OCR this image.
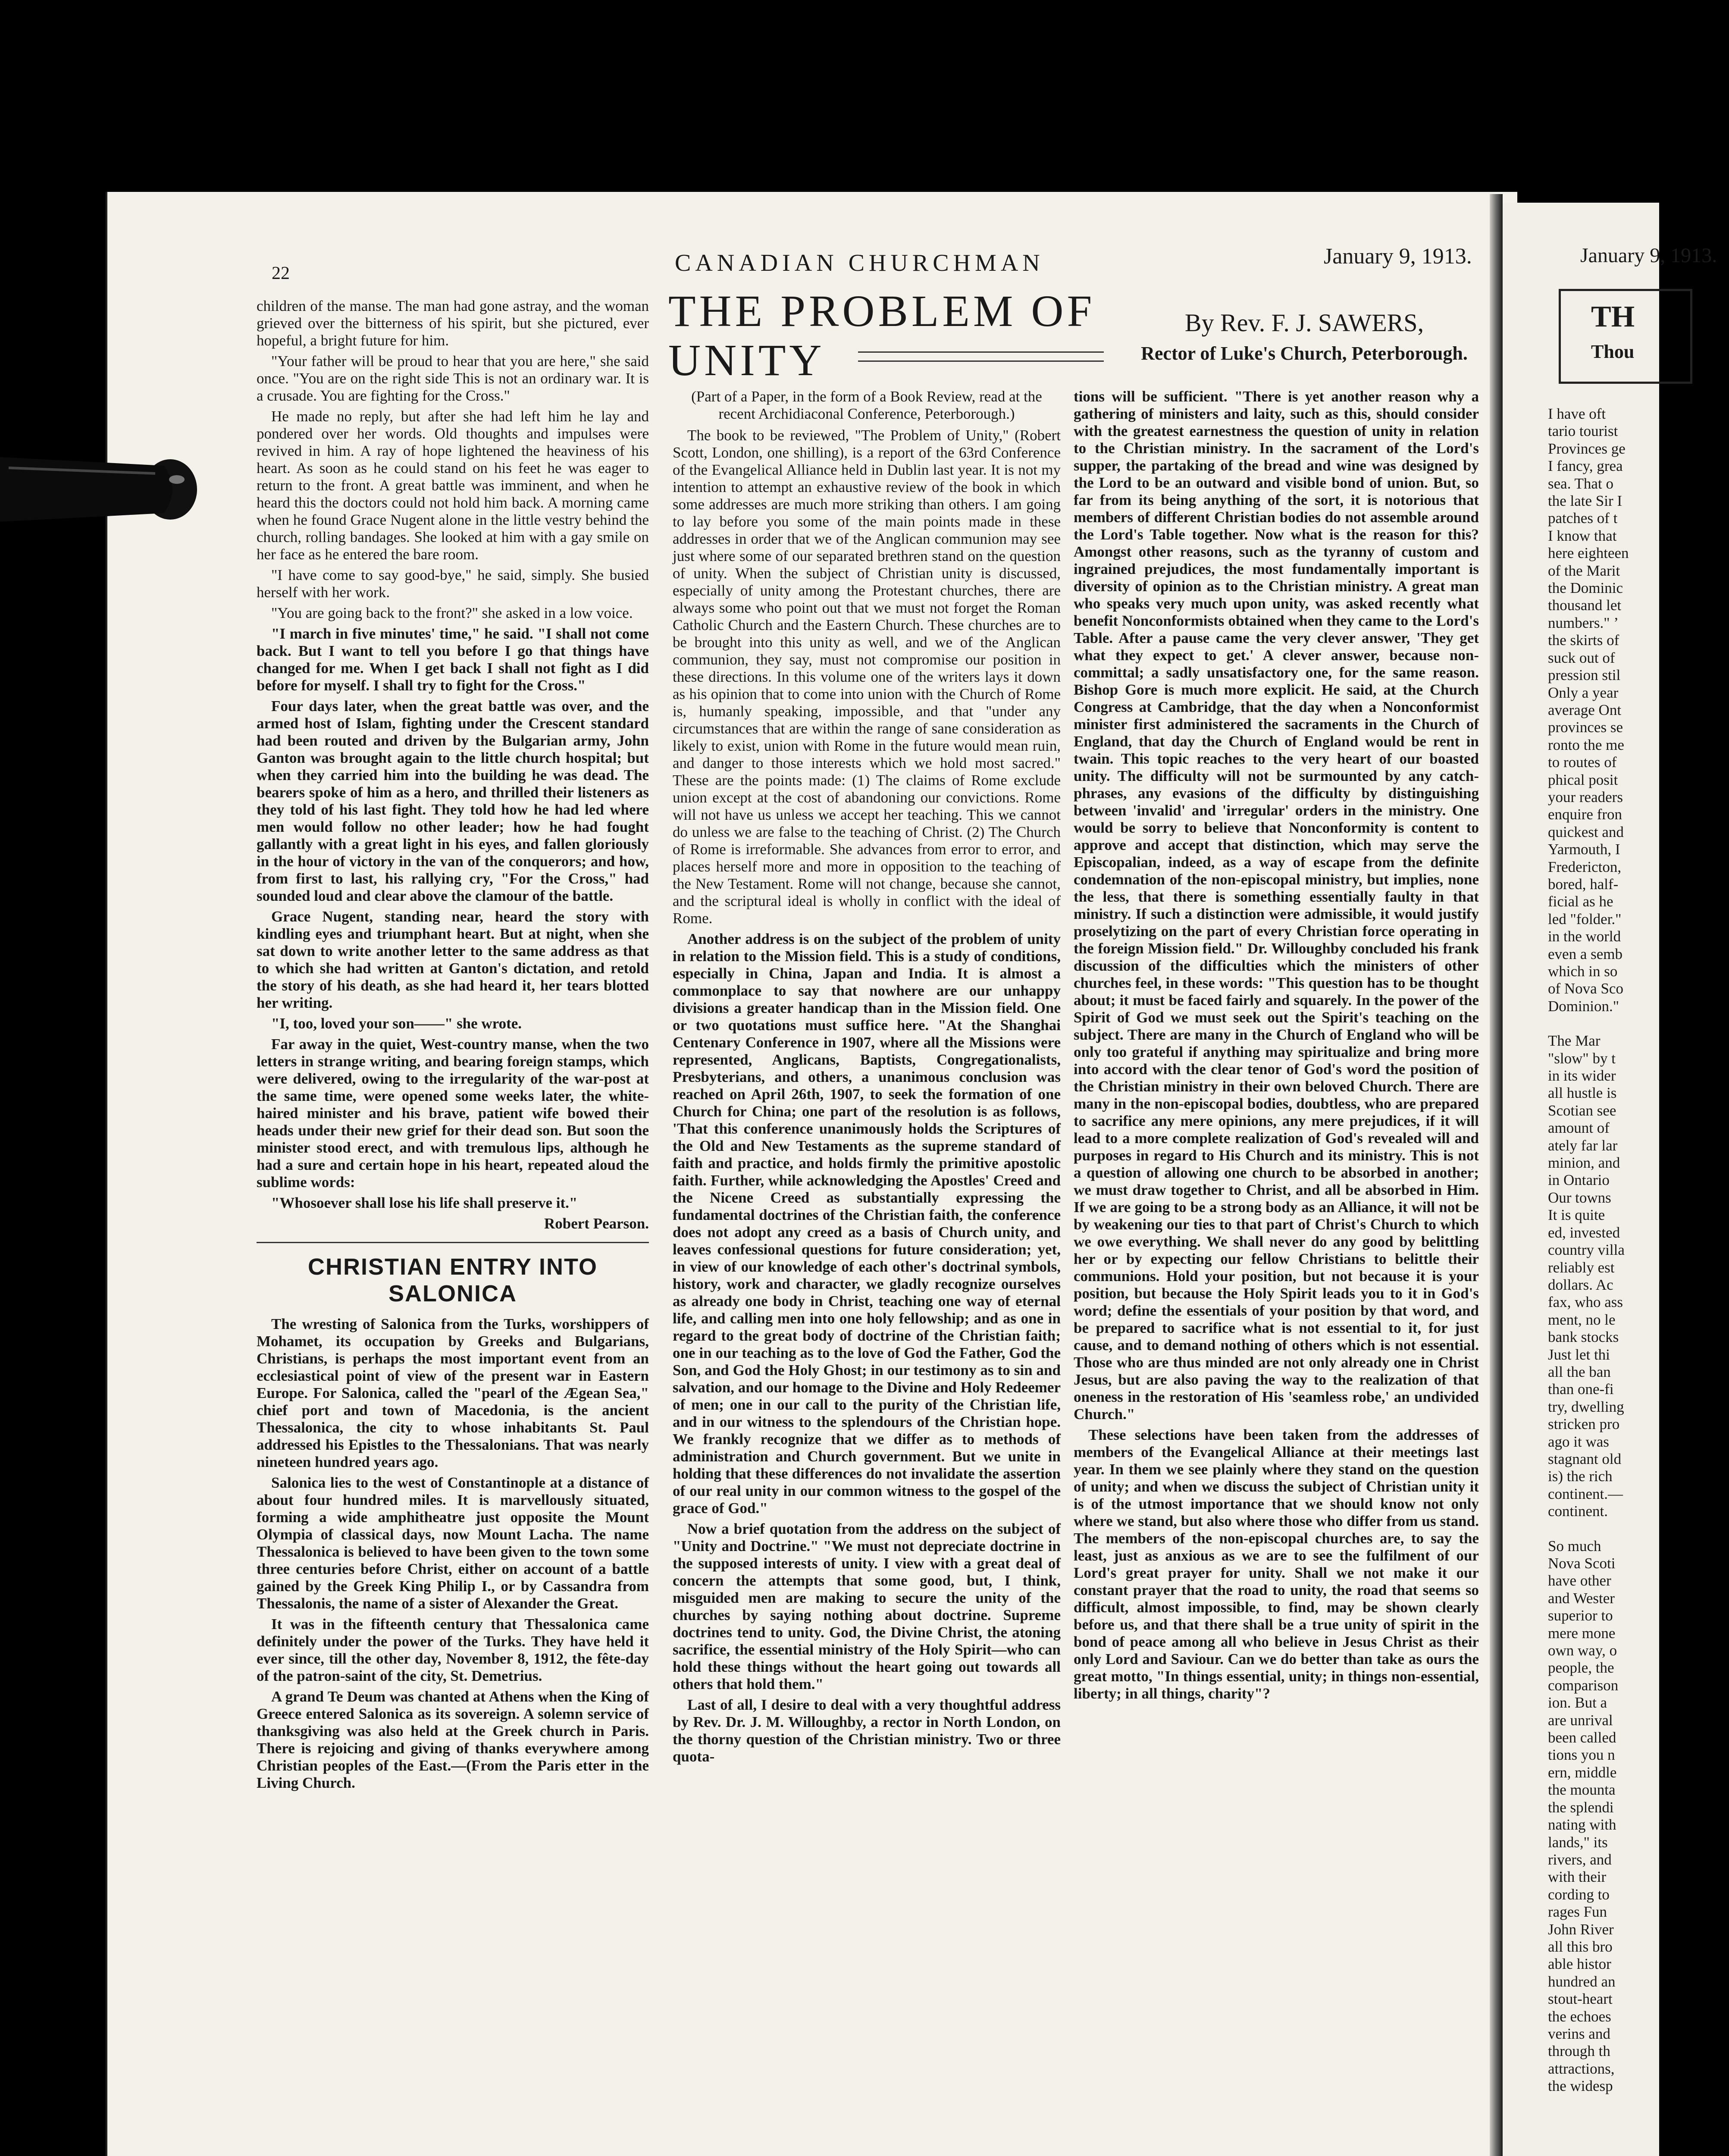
January 9, 1913.
TH
Thou
I have oft
tario tourist
Provinces ge
I fancy, grea
sea. That o
the late Sir I
patches of t
I know that
here eighteen
of the Marit
the Dominic
thousand let
numbers." ’
the skirts of
suck out of
pression stil
Only a year
average Ont
provinces se
ronto the me
to routes of
phical posit
your readers
enquire fron
quickest and
Yarmouth, I
Fredericton,
bored, half-
ficial as he
led "folder."
in the world
even a semb
which in so
of Nova Sco
Dominion."
The Mar
"slow" by t
in its wider
all hustle is
Scotian see
amount of
ately far lar
minion, and
in Ontario
Our towns
It is quite
ed, invested
country villa
reliably est
dollars. Ac
fax, who ass
ment, no le
bank stocks
Just let thi
all the ban
than one-fi
try, dwelling
stricken pro
ago it was
stagnant old
is) the rich
continent.—
continent.
So much
Nova Scoti
have other
and Wester
superior to
mere mone
own way, o
people, the
comparison
ion. But a
are unrival
been called
tions you n
ern, middle
the mounta
the splendi
nating with
lands," its
rivers, and
with their
cording to
rages Fun
John River
all this bro
able histor
hundred an
stout-heart
the echoes
verins and
through th
attractions,
the widesp
22	CANADIAN CHURCHMAN	January 9, 1913.
THE PROBLEM OF
UNITY

By Rev. F. J. SAWERS,

Rector of Luke's Church, Peterborough.

children of the manse. The man had gone astray, and the woman grieved over the bitterness of his spirit, but she pictured, ever hopeful, a bright future for him.

"Your father will be proud to hear that you are here," she said once. "You are on the right side This is not an ordinary war. It is a crusade. You are fighting for the Cross."

He made no reply, but after she had left him he lay and pondered over her words. Old thoughts and impulses were revived in him. A ray of hope lightened the heaviness of his heart. As soon as he could stand on his feet he was eager to return to the front. A great battle was imminent, and when he heard this the doctors could not hold him back. A morning came when he found Grace Nugent alone in the little vestry behind the church, rolling bandages. She looked at him with a gay smile on her face as he entered the bare room.

"I have come to say good-bye," he said, simply. She busied herself with her work.

"You are going back to the front?" she asked in a low voice.

"I march in five minutes' time," he said. "I shall not come back. But I want to tell you before I go that things have changed for me. When I get back I shall not fight as I did before for myself. I shall try to fight for the Cross."

Four days later, when the great battle was over, and the armed host of Islam, fighting under the Crescent standard had been routed and driven by the Bulgarian army, John Ganton was brought again to the little church hospital; but when they carried him into the building he was dead. The bearers spoke of him as a hero, and thrilled their listeners as they told of his last fight. They told how he had led where men would follow no other leader; how he had fought gallantly with a great light in his eyes, and fallen gloriously in the hour of victory in the van of the conquerors; and how, from first to last, his rallying cry, "For the Cross," had sounded loud and clear above the clamour of the battle.

Grace Nugent, standing near, heard the story with kindling eyes and triumphant heart. But at night, when she sat down to write another letter to the same address as that to which she had written at Ganton's dictation, and retold the story of his death, as she had heard it, her tears blotted her writing.

"I, too, loved your son——" she wrote.

Far away in the quiet, West-country manse, when the two letters in strange writing, and bearing foreign stamps, which were delivered, owing to the irregularity of the war-post at the same time, were opened some weeks later, the white-haired minister and his brave, patient wife bowed their heads under their new grief for their dead son. But soon the minister stood erect, and with tremulous lips, although he had a sure and certain hope in his heart, repeated aloud the sublime words:

"Whosoever shall lose his life shall preserve it."

Robert Pearson.

CHRISTIAN ENTRY INTO
SALONICA

The wresting of Salonica from the Turks, worshippers of Mohamet, its occupation by Greeks and Bulgarians, Christians, is perhaps the most important event from an ecclesiastical point of view of the present war in Eastern Europe. For Salonica, called the "pearl of the Ægean Sea," chief port and town of Macedonia, is the ancient Thessalonica, the city to whose inhabitants St. Paul addressed his Epistles to the Thessalonians. That was nearly nineteen hundred years ago.

Salonica lies to the west of Constantinople at a distance of about four hundred miles. It is marvellously situated, forming a wide amphitheatre just opposite the Mount Olympia of classical days, now Mount Lacha. The name Thessalonica is believed to have been given to the town some three centuries before Christ, either on account of a battle gained by the Greek King Philip I., or by Cassandra from Thessalonis, the name of a sister of Alexander the Great.

It was in the fifteenth century that Thessalonica came definitely under the power of the Turks. They have held it ever since, till the other day, November 8, 1912, the fête-day of the patron-saint of the city, St. Demetrius.

A grand Te Deum was chanted at Athens when the King of Greece entered Salonica as its sovereign. A solemn service of thanksgiving was also held at the Greek church in Paris. There is rejoicing and giving of thanks everywhere among Christian peoples of the East.—(From the Paris etter in the Living Church.

(Part of a Paper, in the form of a Book Review, read at the recent Archidiaconal Conference, Peterborough.)

The book to be reviewed, "The Problem of Unity," (Robert Scott, London, one shilling), is a report of the 63rd Conference of the Evangelical Alliance held in Dublin last year. It is not my intention to attempt an exhaustive review of the book in which some addresses are much more striking than others. I am going to lay before you some of the main points made in these addresses in order that we of the Anglican communion may see just where some of our separated brethren stand on the question of unity. When the subject of Christian unity is discussed, especially of unity among the Protestant churches, there are always some who point out that we must not forget the Roman Catholic Church and the Eastern Church. These churches are to be brought into this unity as well, and we of the Anglican communion, they say, must not compromise our position in these directions. In this volume one of the writers lays it down as his opinion that to come into union with the Church of Rome is, humanly speaking, impossible, and that "under any circumstances that are within the range of sane consideration as likely to exist, union with Rome in the future would mean ruin, and danger to those interests which we hold most sacred." These are the points made: (1) The claims of Rome exclude union except at the cost of abandoning our convictions. Rome will not have us unless we accept her teaching. This we cannot do unless we are false to the teaching of Christ. (2) The Church of Rome is irreformable. She advances from error to error, and places herself more and more in opposition to the teaching of the New Testament. Rome will not change, because she cannot, and the scriptural ideal is wholly in conflict with the ideal of Rome.

Another address is on the subject of the problem of unity in relation to the Mission field. This is a study of conditions, especially in China, Japan and India. It is almost a commonplace to say that nowhere are our unhappy divisions a greater handicap than in the Mission field. One or two quotations must suffice here. "At the Shanghai Centenary Conference in 1907, where all the Missions were represented, Anglicans, Baptists, Congregationalists, Presbyterians, and others, a unanimous conclusion was reached on April 26th, 1907, to seek the formation of one Church for China; one part of the resolution is as follows, 'That this conference unanimously holds the Scriptures of the Old and New Testaments as the supreme standard of faith and practice, and holds firmly the primitive apostolic faith. Further, while acknowledging the Apostles' Creed and the Nicene Creed as substantially expressing the fundamental doctrines of the Christian faith, the conference does not adopt any creed as a basis of Church unity, and leaves confessional questions for future consideration; yet, in view of our knowledge of each other's doctrinal symbols, history, work and character, we gladly recognize ourselves as already one body in Christ, teaching one way of eternal life, and calling men into one holy fellowship; and as one in regard to the great body of doctrine of the Christian faith; one in our teaching as to the love of God the Father, God the Son, and God the Holy Ghost; in our testimony as to sin and salvation, and our homage to the Divine and Holy Redeemer of men; one in our call to the purity of the Christian life, and in our witness to the splendours of the Christian hope. We frankly recognize that we differ as to methods of administration and Church government. But we unite in holding that these differences do not invalidate the assertion of our real unity in our common witness to the gospel of the grace of God."

Now a brief quotation from the address on the subject of "Unity and Doctrine." "We must not depreciate doctrine in the supposed interests of unity. I view with a great deal of concern the attempts that some good, but, I think, misguided men are making to secure the unity of the churches by saying nothing about doctrine. Supreme doctrines tend to unity. God, the Divine Christ, the atoning sacrifice, the essential ministry of the Holy Spirit—who can hold these things without the heart going out towards all others that hold them."

Last of all, I desire to deal with a very thoughtful address by Rev. Dr. J. M. Willoughby, a rector in North London, on the thorny question of the Christian ministry. Two or three quota-

tions will be sufficient. "There is yet another reason why a gathering of ministers and laity, such as this, should consider with the greatest earnestness the question of unity in relation to the Christian ministry. In the sacrament of the Lord's supper, the partaking of the bread and wine was designed by the Lord to be an outward and visible bond of union. But, so far from its being anything of the sort, it is notorious that members of different Christian bodies do not assemble around the Lord's Table together. Now what is the reason for this? Amongst other reasons, such as the tyranny of custom and ingrained prejudices, the most fundamentally important is diversity of opinion as to the Christian ministry. A great man who speaks very much upon unity, was asked recently what benefit Nonconformists obtained when they came to the Lord's Table. After a pause came the very clever answer, 'They get what they expect to get.' A clever answer, because non-committal; a sadly unsatisfactory one, for the same reason. Bishop Gore is much more explicit. He said, at the Church Congress at Cambridge, that the day when a Nonconformist minister first administered the sacraments in the Church of England, that day the Church of England would be rent in twain. This topic reaches to the very heart of our boasted unity. The difficulty will not be surmounted by any catch-phrases, any evasions of the difficulty by distinguishing between 'invalid' and 'irregular' orders in the ministry. One would be sorry to believe that Nonconformity is content to approve and accept that distinction, which may serve the Episcopalian, indeed, as a way of escape from the definite condemnation of the non-episcopal ministry, but implies, none the less, that there is something essentially faulty in that ministry. If such a distinction were admissible, it would justify proselytizing on the part of every Christian force operating in the foreign Mission field." Dr. Willoughby concluded his frank discussion of the difficulties which the ministers of other churches feel, in these words: "This question has to be thought about; it must be faced fairly and squarely. In the power of the Spirit of God we must seek out the Spirit's teaching on the subject. There are many in the Church of England who will be only too grateful if anything may spiritualize and bring more into accord with the clear tenor of God's word the position of the Christian ministry in their own beloved Church. There are many in the non-episcopal bodies, doubtless, who are prepared to sacrifice any mere opinions, any mere prejudices, if it will lead to a more complete realization of God's revealed will and purposes in regard to His Church and its ministry. This is not a question of allowing one church to be absorbed in another; we must draw together to Christ, and all be absorbed in Him. If we are going to be a strong body as an Alliance, it will not be by weakening our ties to that part of Christ's Church to which we owe everything. We shall never do any good by belittling her or by expecting our fellow Christians to belittle their communions. Hold your position, but not because it is your position, but because the Holy Spirit leads you to it in God's word; define the essentials of your position by that word, and be prepared to sacrifice what is not essential to it, for just cause, and to demand nothing of others which is not essential. Those who are thus minded are not only already one in Christ Jesus, but are also paving the way to the realization of that oneness in the restoration of His 'seamless robe,' an undivided Church."

These selections have been taken from the addresses of members of the Evangelical Alliance at their meetings last year. In them we see plainly where they stand on the question of unity; and when we discuss the subject of Christian unity it is of the utmost importance that we should know not only where we stand, but also where those who differ from us stand. The members of the non-episcopal churches are, to say the least, just as anxious as we are to see the fulfilment of our Lord's great prayer for unity. Shall we not make it our constant prayer that the road to unity, the road that seems so difficult, almost impossible, to find, may be shown clearly before us, and that there shall be a true unity of spirit in the bond of peace among all who believe in Jesus Christ as their only Lord and Saviour. Can we do better than take as ours the great motto, "In things essential, unity; in things non-essential, liberty; in all things, charity"?
